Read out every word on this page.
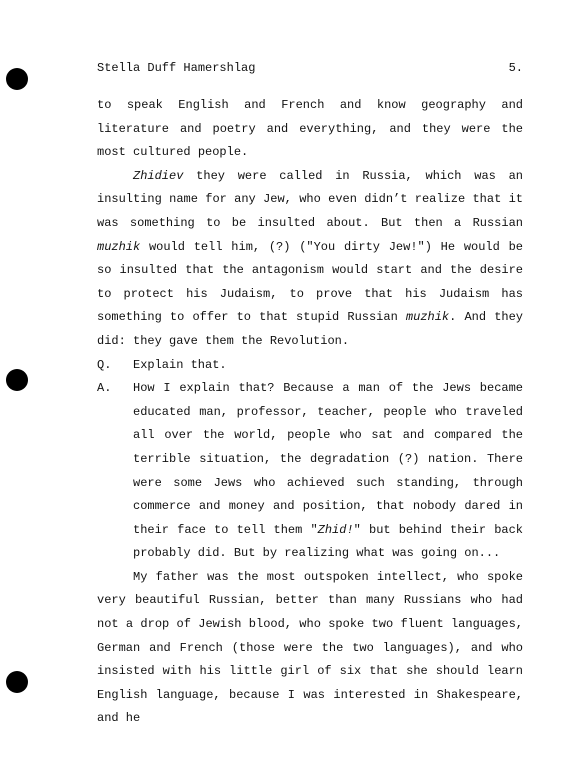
Stella Duff Hamershlag	5.

to speak English and French and know geography and literature and poetry and everything, and they were the most cultured people.

Zhidiev they were called in Russia, which was an insulting name for any Jew, who even didn’t realize that it was something to be insulted about. But then a Russian muzhik would tell him, (?) ("You dirty Jew!") He would be so insulted that the antagonism would start and the desire to protect his Judaism, to prove that his Judaism has something to offer to that stupid Russian muzhik. And they did: they gave them the Revolution.

Q.	Explain that.
A.	How I explain that? Because a man of the Jews became educated man, professor, teacher, people who traveled all over the world, people who sat and compared the terrible situation, the degradation (?) nation. There were some Jews who achieved such standing, through commerce and money and position, that nobody dared in their face to tell them "Zhid!" but behind their back probably did. But by realizing what was going on...

My father was the most outspoken intellect, who spoke very beautiful Russian, better than many Russians who had not a drop of Jewish blood, who spoke two fluent languages, German and French (those were the two languages), and who insisted with his little girl of six that she should learn English language, because I was interested in Shakespeare, and he
